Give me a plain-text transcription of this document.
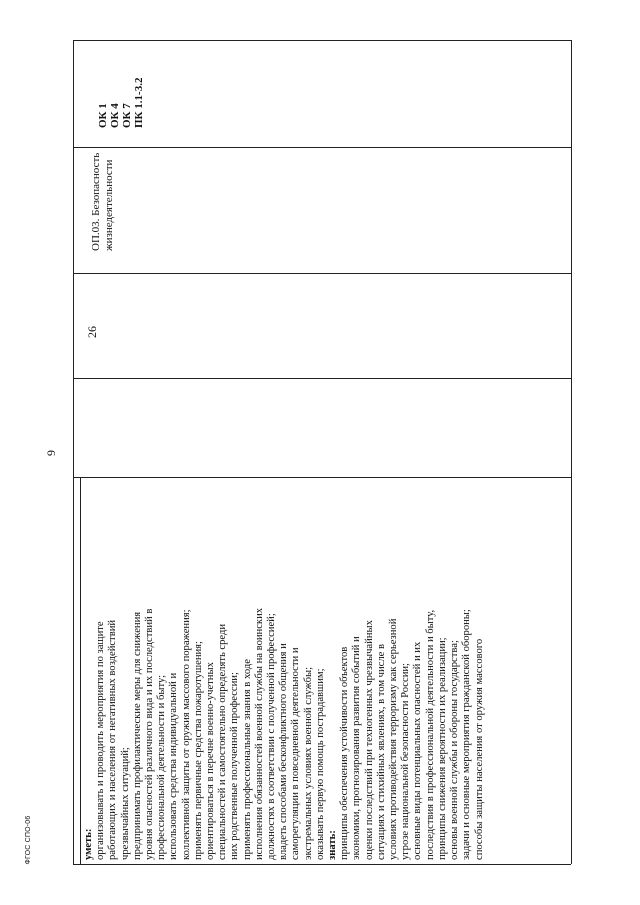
9
ФГОС СПО-06	уметь: организовывать и проводить мероприятия по защите работающих и населения от негативных воздействий чрезвычайных ситуаций; предпринимать профилактические меры для снижения уровня опасностей различного вида и их последствий в профессиональной деятельности и быту; использовать средства индивидуальной и коллективной защиты от оружия массового поражения; применять первичные средства пожаротушения; ориентироваться в перечне военно-учетных специальностей и самостоятельно определять среди них родственные полученной профессии; применять профессиональные знания в ходе исполнения обязанностей военной службы на воинских должностях в соответствии с полученной профессией; владеть способами бесконфликтного общения и саморегуляции в повседневной деятельности и экстремальных условиях военной службы; оказывать первую помощь пострадавшим; знать: принципы обеспечения устойчивости объектов экономики, прогнозирования развития событий и оценки последствий при техногенных чрезвычайных ситуациях и стихийных явлениях, в том числе в условиях противодействия терроризму как серьезной угрозе национальной безопасности России; основные виды потенциальных опасностей и их последствия в профессиональной деятельности и быту, принципы снижения вероятности их реализации; основы военной службы и обороны государства; задачи и основные мероприятия гражданской обороны; способы защиты населения от оружия массового
26
ОП.03. Безопасность жизнедеятельности
ОК 1 ОК 4 ОК 7 ПК 1.1-3.2
